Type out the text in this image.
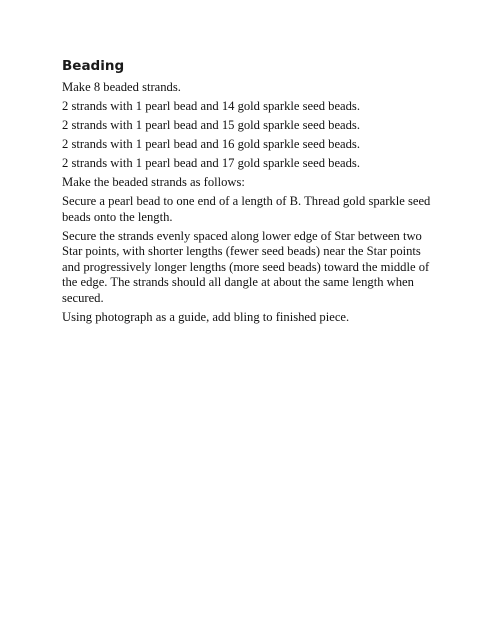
Beading

Make 8 beaded strands.

2 strands with 1 pearl bead and 14 gold sparkle seed beads.

2 strands with 1 pearl bead and 15 gold sparkle seed beads.

2 strands with 1 pearl bead and 16 gold sparkle seed beads.

2 strands with 1 pearl bead and 17 gold sparkle seed beads.

Make the beaded strands as follows:

Secure a pearl bead to one end of a length of B. Thread gold sparkle seed beads onto the length.

Secure the strands evenly spaced along lower edge of Star between two Star points, with shorter lengths (fewer seed beads) near the Star points and progressively longer lengths (more seed beads) toward the middle of the edge. The strands should all dangle at about the same length when secured.

Using photograph as a guide, add bling to finished piece.
